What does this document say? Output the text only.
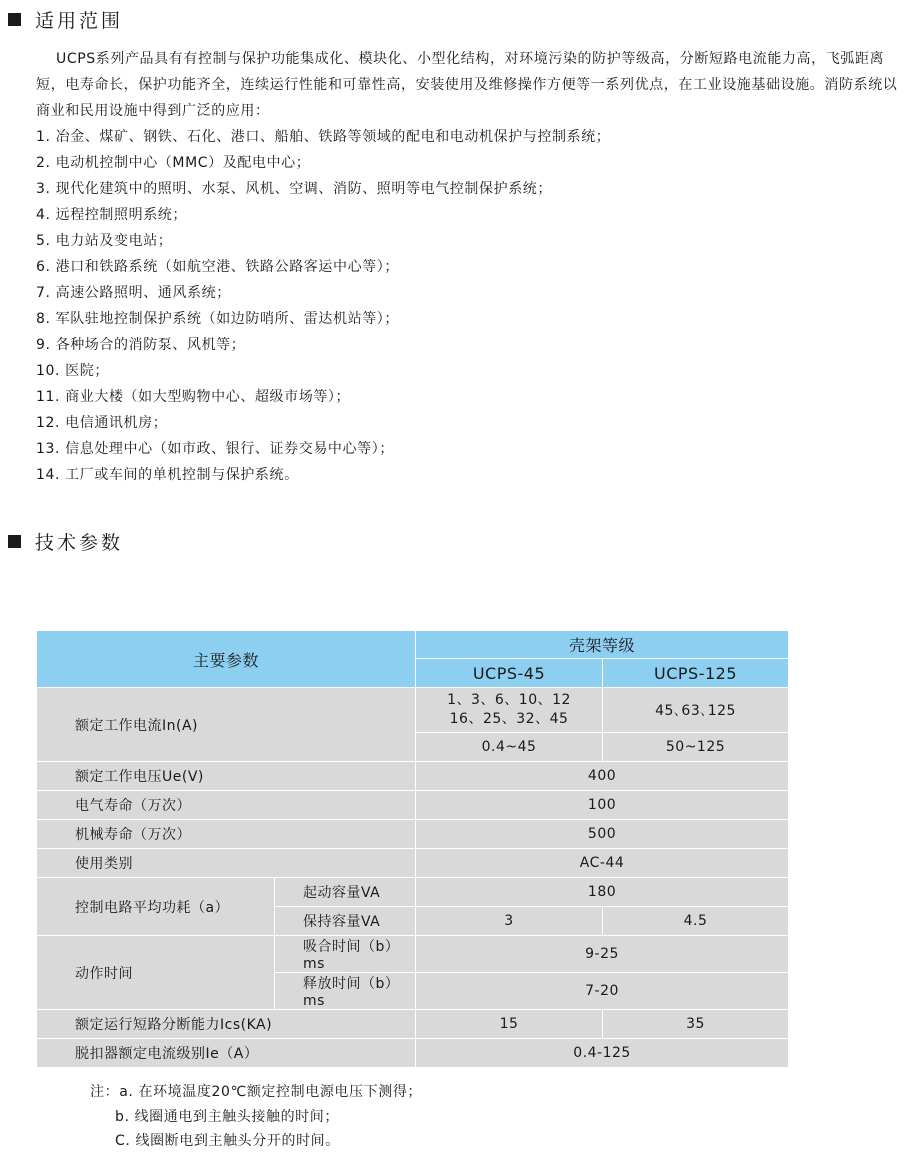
适用范围

UCPS系列产品具有有控制与保护功能集成化、模块化、小型化结构，对环境污染的防护等级高，分断短路电流能力高，飞弧距离短，电寿命长，保护功能齐全，连续运行性能和可靠性高，安装使用及维修操作方便等一系列优点，在工业设施基础设施。消防系统以商业和民用设施中得到广泛的应用：

1. 冶金、煤矿、钢铁、石化、港口、船舶、铁路等领域的配电和电动机保护与控制系统；
2. 电动机控制中心（MMC）及配电中心；
3. 现代化建筑中的照明、水泵、风机、空调、消防、照明等电气控制保护系统；
4. 远程控制照明系统；
5. 电力站及变电站；
6. 港口和铁路系统（如航空港、铁路公路客运中心等）；
7. 高速公路照明、通风系统；
8. 军队驻地控制保护系统（如边防哨所、雷达机站等）；
9. 各种场合的消防泵、风机等；
10. 医院；
11. 商业大楼（如大型购物中心、超级市场等）；
12. 电信通讯机房；
13. 信息处理中心（如市政、银行、证券交易中心等）；
14. 工厂或车间的单机控制与保护系统。
技术参数
主要参数		壳架等级	
		UCPS-45	UCPS-125
额定工作电流In(A)		1、3、6、10、12
16、25、32、45	45､63､125
		0.4~45	50~125
额定工作电压Ue(V)		400	
电气寿命（万次）		100	
机械寿命（万次）		500	
使用类别		AC-44	
控制电路平均功耗（a）	起动容量VA	180	
	保持容量VA	3	4.5
动作时间	吸合时间（b）ms	9-25	
	释放时间（b）ms	7-20	
额定运行短路分断能力Ics(KA)		15	35
脱扣器额定电流级别Ie（A）		0.4-125	
注：a. 在环境温度20℃额定控制电源电压下测得；
b. 线圈通电到主触头接触的时间；
C. 线圈断电到主触头分开的时间。
